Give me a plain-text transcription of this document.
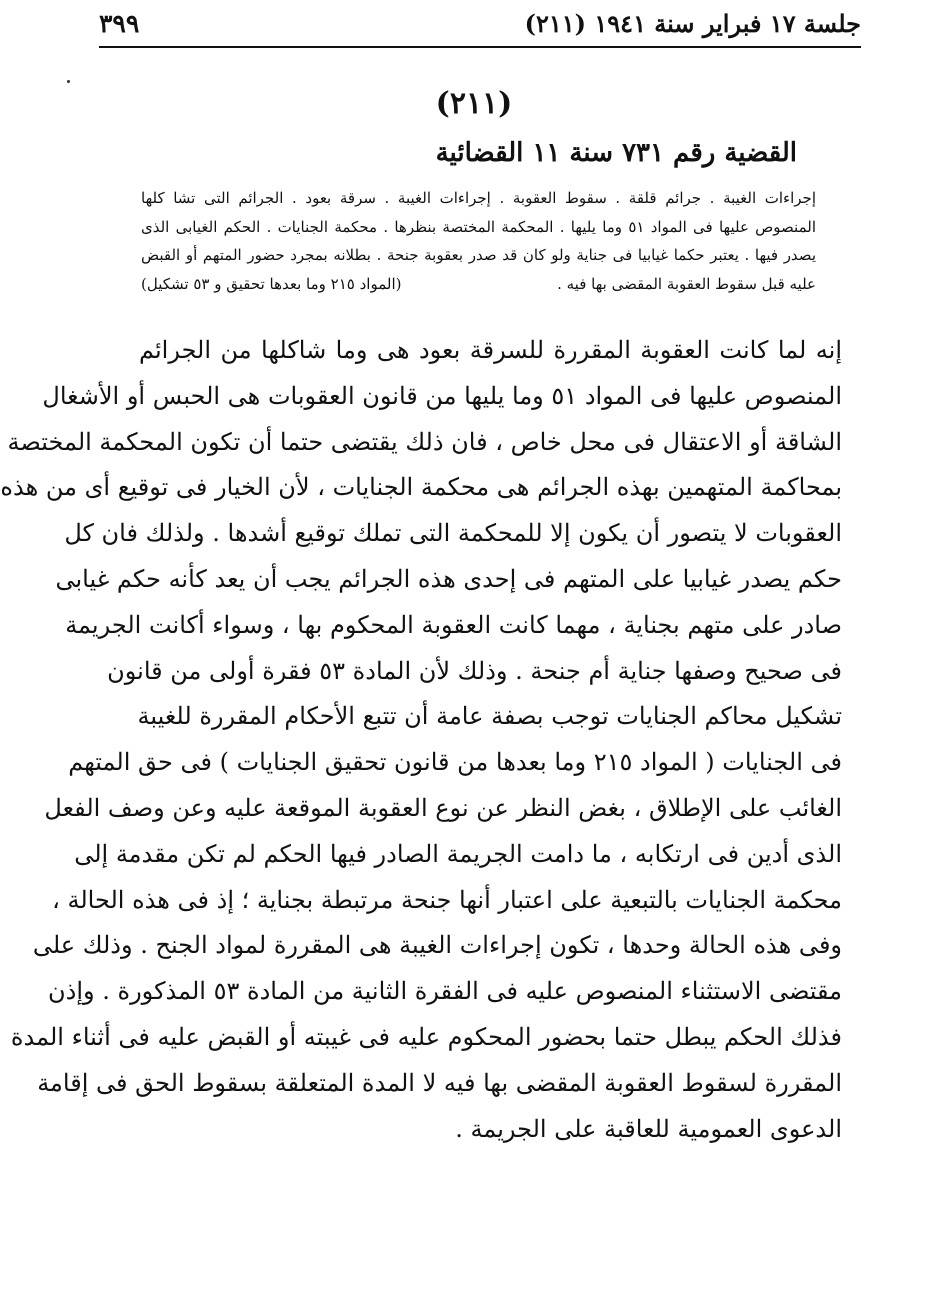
جلسة ١٧ فبراير سنة ١٩٤١ (٢١١)
٣٩٩
(٢١١)
القضية رقم ٧٣١ سنة ١١ القضائية
إجراءات الغيبة . جرائم قلقة . سقوط العقوبة . إجراءات الغيبة . سرقة بعود . الجرائم التى تشا كلها
المنصوص عليها فى المواد ٥١ وما يليها . المحكمة المختصة بنظرها . محكمة الجنايات . الحكم الغيابى الذى
يصدر فيها . يعتبر حكما غيابيا فى جناية ولو كان قد صدر بعقوبة جنحة . بطلانه بمجرد حضور المتهم أو القبض
عليه قبل سقوط العقوبة المقضى بها فيه .
(المواد ٢١٥ وما بعدها تحقيق و ٥٣ تشكيل)
إنه لما كانت العقوبة المقررة للسرقة بعود هى وما شاكلها من الجرائم
المنصوص عليها فى المواد ٥١ وما يليها من قانون العقوبات هى الحبس أو الأشغال
الشاقة أو الاعتقال فى محل خاص ، فان ذلك يقتضى حتما أن تكون المحكمة المختصة
بمحاكمة المتهمين بهذه الجرائم هى محكمة الجنايات ، لأن الخيار فى توقيع أى من هذه
العقوبات لا يتصور أن يكون إلا للمحكمة التى تملك توقيع أشدها . ولذلك فان كل
حكم يصدر غيابيا على المتهم فى إحدى هذه الجرائم يجب أن يعد كأنه حكم غيابى
صادر على متهم بجناية ، مهما كانت العقوبة المحكوم بها ، وسواء أكانت الجريمة
فى صحيح وصفها جناية أم جنحة . وذلك لأن المادة ٥٣ فقرة أولى من قانون
تشكيل محاكم الجنايات توجب بصفة عامة أن تتبع الأحكام المقررة للغيبة
فى الجنايات ( المواد ٢١٥ وما بعدها من قانون تحقيق الجنايات ) فى حق المتهم
الغائب على الإطلاق ، بغض النظر عن نوع العقوبة الموقعة عليه وعن وصف الفعل
الذى أدين فى ارتكابه ، ما دامت الجريمة الصادر فيها الحكم لم تكن مقدمة إلى
محكمة الجنايات بالتبعية على اعتبار أنها جنحة مرتبطة بجناية ؛ إذ فى هذه الحالة ،
وفى هذه الحالة وحدها ، تكون إجراءات الغيبة هى المقررة لمواد الجنح . وذلك على
مقتضى الاستثناء المنصوص عليه فى الفقرة الثانية من المادة ٥٣ المذكورة . وإذن
فذلك الحكم يبطل حتما بحضور المحكوم عليه فى غيبته أو القبض عليه فى أثناء المدة
المقررة لسقوط العقوبة المقضى بها فيه لا المدة المتعلقة بسقوط الحق فى إقامة
الدعوى العمومية للعاقبة على الجريمة .
